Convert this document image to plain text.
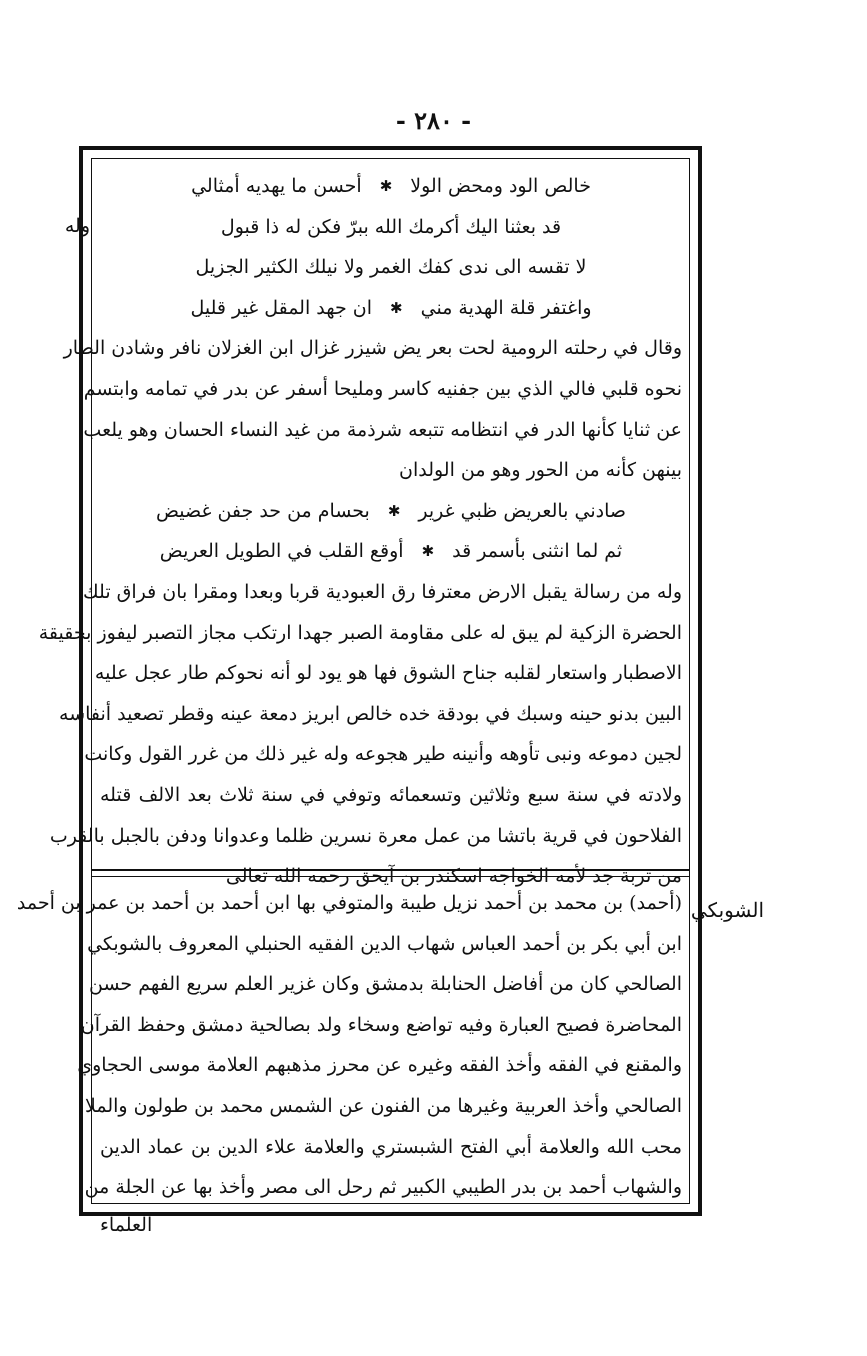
- ٢٨٠ -
خالص الود ومحض الولا
✱
أحسن ما يهديه أمثالي
قد بعثنا اليك أكرمك الله ببرّ فكن له ذا قبول
لا تقسه الى ندى كفك الغمر ولا نيلك الكثير الجزيل
واغتفر قلة الهدية مني
✱
ان جهد المقل غير قليل
وقال في رحلته الرومية لحت بعر يض شيزر غزال ابن الغزلان نافر وشادن الطار
نحوه قلبي فالي الذي بين جفنيه كاسر ومليحا أسفر عن بدر في تمامه وابتسم
عن ثنايا كأنها الدر في انتظامه تتبعه شرذمة من غيد النساء الحسان وهو يلعب
بينهن كأنه من الحور وهو من الولدان
صادني بالعريض ظبي غرير
✱
بحسام من حد جفن غضيض
ثم لما انثنى بأسمر قد
✱
أوقع القلب في الطويل العريض
وله من رسالة يقبل الارض معترفا رق العبودية قربا وبعدا ومقرا بان فراق تلك
الحضرة الزكية لم يبق له على مقاومة الصبر جهدا ارتكب مجاز التصبر ليفوز بحقيقة
الاصطبار واستعار لقلبه جناح الشوق فها هو يود لو أنه نحوكم طار عجل عليه
البين بدنو حينه وسبك في بودقة خده خالص ابريز دمعة عينه وقطر تصعيد أنفاسه
لجين دموعه ونبى تأوهه وأنينه طير هجوعه وله غير ذلك من غرر القول وكانت
ولادته في سنة سبع وثلاثين وتسعمائه وتوفي في سنة ثلاث بعد الالف قتله
الفلاحون في قرية باتشا من عمل معرة نسرين ظلما وعدوانا ودفن بالجبل بالقرب
من تربة جد لأمه الخواجه اسكندر بن آيحق رحمه الله تعالى
وله
(أحمد) بن محمد بن أحمد نزيل طيبة والمتوفي بها ابن أحمد بن أحمد بن عمر بن أحمد
ابن أبي بكر بن أحمد العباس شهاب الدين الفقيه الحنبلي المعروف بالشوبكي
الصالحي كان من أفاضل الحنابلة بدمشق وكان غزير العلم سريع الفهم حسن
المحاضرة فصيح العبارة وفيه تواضع وسخاء ولد بصالحية دمشق وحفظ القرآن
والمقنع في الفقه وأخذ الفقه وغيره عن محرز مذهبهم العلامة موسى الحجاوي
الصالحي وأخذ العربية وغيرها من الفنون عن الشمس محمد بن طولون والملا
محب الله والعلامة أبي الفتح الشبستري والعلامة علاء الدين بن عماد الدين
والشهاب أحمد بن بدر الطيبي الكبير ثم رحل الى مصر وأخذ بها عن الجلة من
الشوبكي
العلماء
